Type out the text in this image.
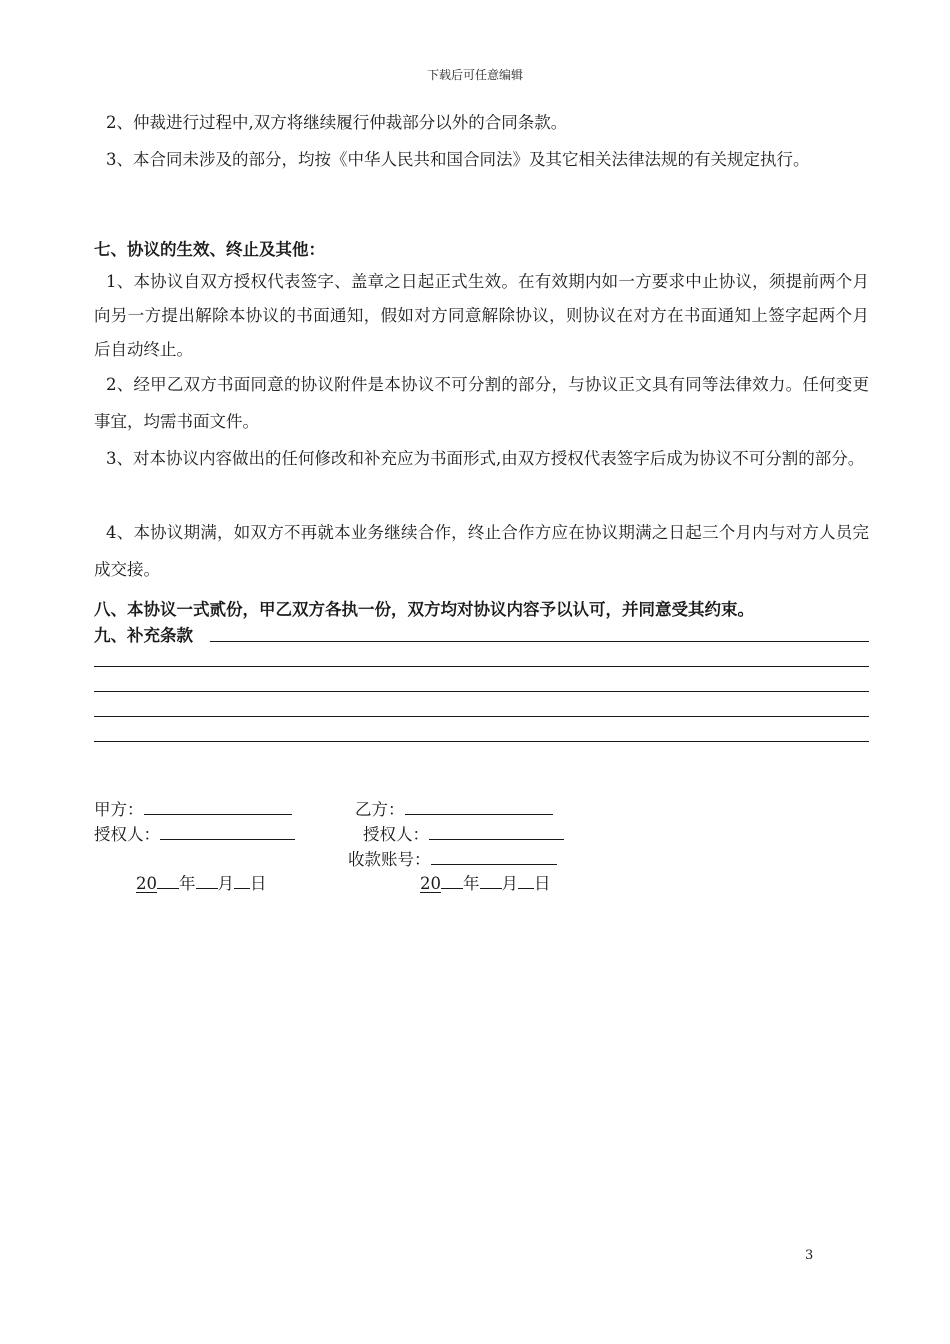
下载后可任意编辑
2、仲裁进行过程中,双方将继续履行仲裁部分以外的合同条款。
3、本合同未涉及的部分，均按《中华人民共和国合同法》及其它相关法律法规的有关规定执行。
七、协议的生效、终止及其他：
1、本协议自双方授权代表签字、盖章之日起正式生效。在有效期内如一方要求中止协议，须提前两个月向另一方提出解除本协议的书面通知，假如对方同意解除协议，则协议在对方在书面通知上签字起两个月后自动终止。
2、经甲乙双方书面同意的协议附件是本协议不可分割的部分，与协议正文具有同等法律效力。任何变更事宜，均需书面文件。
3、对本协议内容做出的任何修改和补充应为书面形式,由双方授权代表签字后成为协议不可分割的部分。
4、本协议期满，如双方不再就本业务继续合作，终止合作方应在协议期满之日起三个月内与对方人员完成交接。
八、本协议一式贰份，甲乙双方各执一份，双方均对协议内容予以认可，并同意受其约束。
九、补充条款
甲方：
授权人：
20 年 月 日
乙方：
授权人：
收款账号：
20 年 月 日
3
